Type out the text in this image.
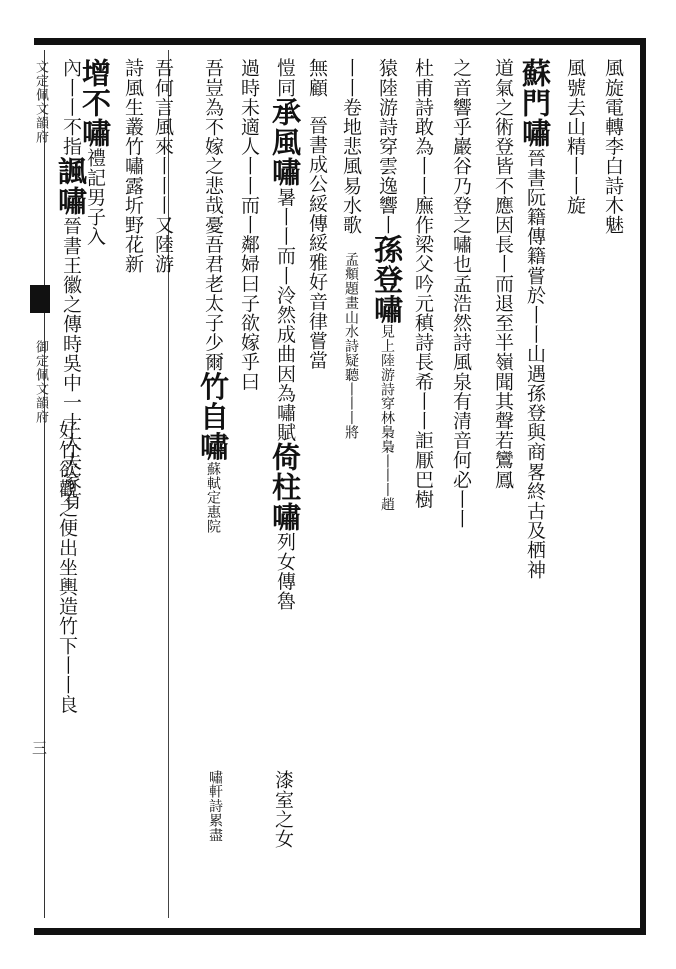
文定佩文韻府
御定佩文韻府
三
風旋電轉李白詩木魅
風號去山精丨丨旋
蘇門嘯晉書阮籍傳籍嘗於丨丨山遇孫登與商畧終古及栖神
道氣之術登皆不應因長丨而退至半嶺聞其聲若鸞鳳
之音響乎巖谷乃登之嘯也孟浩然詩風泉有清音何必丨丨
杜甫詩敢為丨丨廡作梁父吟元稹詩長希丨丨詎厭巴樹
猿陸游詩穿雲逸響丨孫登嘯見上陸游詩穿林梟梟丨丨丨趙
丨丨卷地悲風易水歌孟頫題畫山水詩疑聽丨丨丨將
無顧晉書成公綏傳綏雅好音律嘗當
愷同承風嘯暑丨丨而丨泠然成曲因為嘯賦倚柱嘯列女傳魯
漆室之女
過時未適人丨丨而丨鄰婦曰子欲嫁乎曰
吾豈為不嫁之悲哉憂吾君老太子少爾竹自嘯蘇軾定惠院
嘯軒詩累盡
吾何言風來丨丨丨又陸游
詩風生叢竹嘯露圻野花新
增不嘯禮記男子入
內丨丨不指諷嘯晉書王徽之傳時吳中一士大夫家有
好竹欲觀之便出坐輿造竹下丨丨良
